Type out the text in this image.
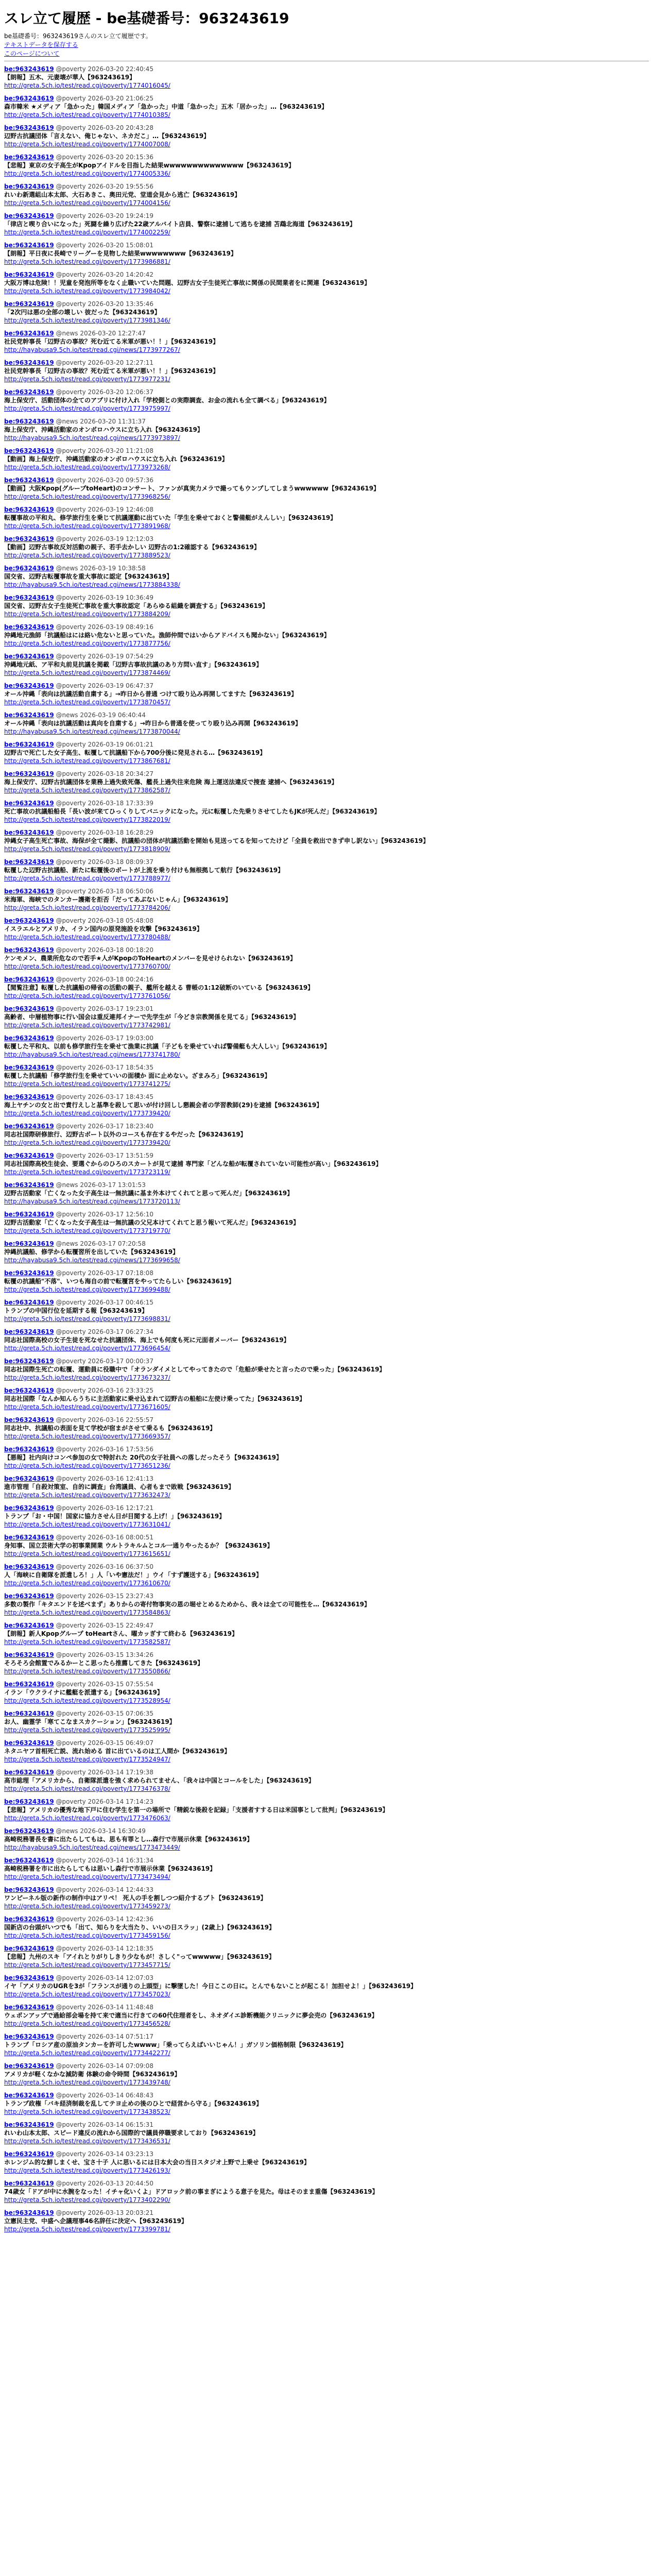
スレ立て履歴 - be基礎番号：963243619
be基礎番号：963243619さんのスレ立て履歴です。
テキストデータを保存する
このページについて
be:963243619 @poverty 2026-03-20 22:40:45
【朗報】五木、元妻壊が華人【963243619】
http://greta.5ch.io/test/read.cgi/poverty/1774016045/
be:963243619 @poverty 2026-03-20 21:06:25
森市韓米 ★メディア「急かった」韓国メディア「急かった」中道「急かった」五木「居かった」…【963243619】
http://greta.5ch.io/test/read.cgi/poverty/1774010385/
be:963243619 @poverty 2026-03-20 20:43:28
辺野古抗議団体「言えない、俺じゃない、ネカだこ」…【963243619】
http://greta.5ch.io/test/read.cgi/poverty/1774007008/
be:963243619 @poverty 2026-03-20 20:15:36
【悲報】東京の女子高生がKpopアイドルを目指した結果wwwwwwwwwwwwww【963243619】
http://greta.5ch.io/test/read.cgi/poverty/1774005336/
be:963243619 @poverty 2026-03-20 19:55:56
れいわ新選組山本太郎、大石あきこ、奥田元党、堂道会見から逃亡【963243619】
http://greta.5ch.io/test/read.cgi/poverty/1774004156/
be:963243619 @poverty 2026-03-20 19:24:19
「律店と喫り合いになった」死闘を繰り広げた22歳アルバイト店員、警察に逮捕して逃ちを逮捕 苫鵡北海道【963243619】
http://greta.5ch.io/test/read.cgi/poverty/1774002259/
be:963243619 @poverty 2026-03-20 15:08:01
【朗報】平日夜に長崎でリーグーを見物した結果wwwwwwww【963243619】
http://greta.5ch.io/test/read.cgi/poverty/1773986881/
be:963243619 @poverty 2026-03-20 14:20:42
大阪万博は危険！！児童を発泡所等をなく止職いていた問題、辺野古女子生徒死亡事故に関係の民間業者をに関連【963243619】
http://greta.5ch.io/test/read.cgi/poverty/1773984042/
be:963243619 @poverty 2026-03-20 13:35:46
「2次円は悪の全部の壊しい 彼だった【963243619】
http://greta.5ch.io/test/read.cgi/poverty/1773981346/
be:963243619 @news 2026-03-20 12:27:47
社民党幹事長「辺野古の事故？死む近てる米軍が悪い！！」【963243619】
http://hayabusa9.5ch.io/test/read.cgi/news/1773977267/
be:963243619 @poverty 2026-03-20 12:27:11
社民党幹事長「辺野古の事故？死む近てる米軍が悪い！！」【963243619】
http://greta.5ch.io/test/read.cgi/poverty/1773977231/
be:963243619 @poverty 2026-03-20 12:06:37
海上保安庁、活動団体の全てのアプリに付け入れ「学校側との実際調査、お金の流れも全て調べる」【963243619】
http://greta.5ch.io/test/read.cgi/poverty/1773975997/
be:963243619 @news 2026-03-20 11:31:37
海上保安庁、沖縄活動家のオンボロハウスに立ち入れ【963243619】
http://hayabusa9.5ch.io/test/read.cgi/news/1773973897/
be:963243619 @poverty 2026-03-20 11:21:08
【動画】海上保安庁、沖縄活動家のオンボロハウスに立ち入れ【963243619】
http://greta.5ch.io/test/read.cgi/poverty/1773973268/
be:963243619 @poverty 2026-03-20 09:57:36
【動画】大阪Kpop(グループtoHeart)のコンサート、ファンが真実力メラで撮ってもウンプしてしまうwwwwww【963243619】
http://greta.5ch.io/test/read.cgi/poverty/1773968256/
be:963243619 @poverty 2026-03-19 12:46:08
転覆事故の平和丸、修学旅行生を乗じて抗議運動に出ていた「学生を乗せておくと警備艇がえんしい」【963243619】
http://greta.5ch.io/test/read.cgi/poverty/1773891968/
be:963243619 @poverty 2026-03-19 12:12:03
【動画】辺野古事故反対活動の親子、若手去かしい 辺野古の1:2確認する【963243619】
http://greta.5ch.io/test/read.cgi/poverty/1773889523/
be:963243619 @news 2026-03-19 10:38:58
国交省、辺野古転覆事故を重大事故に認定【963243619】
http://hayabusa9.5ch.io/test/read.cgi/news/1773884338/
be:963243619 @poverty 2026-03-19 10:36:49
国交省、辺野古女子生徒死亡事故を重大事故認定「あらゆる組織を調査する」【963243619】
http://greta.5ch.io/test/read.cgi/poverty/1773884209/
be:963243619 @poverty 2026-03-19 08:49:16
沖縄地元漁師「抗議船はには絡い危ないと思っていた。漁師仲間ではいからアドバイスも聞かない」【963243619】
http://greta.5ch.io/test/read.cgi/poverty/1773877756/
be:963243619 @poverty 2026-03-19 07:54:29
沖縄地元紙、ア平和丸前見抗議を掲載「辺野古事故抗議のあり方問い直す」【963243619】
http://greta.5ch.io/test/read.cgi/poverty/1773874469/
be:963243619 @poverty 2026-03-19 06:47:37
オール沖縄「表向は抗議活動自粛する」→昨日から普通 つけて殴り込み再開してますた【963243619】
http://greta.5ch.io/test/read.cgi/poverty/1773870457/
be:963243619 @news 2026-03-19 06:40:44
オール沖縄「表向は抗議活動は真向を自粛する」→昨日から普通を使ってり殴り込み再開【963243619】
http://hayabusa9.5ch.io/test/read.cgi/news/1773870044/
be:963243619 @poverty 2026-03-19 06:01:21
辺野古で死亡した女子高生、転覆して抗議船下から700分後に発見される…【963243619】
http://greta.5ch.io/test/read.cgi/poverty/1773867681/
be:963243619 @poverty 2026-03-18 20:34:27
海上保安庁、辺野古抗議団体を業務上過失致死傷、艦長上過失往来危険 海上運送法違反で捜査 逮捕へ【963243619】
http://greta.5ch.io/test/read.cgi/poverty/1773862587/
be:963243619 @poverty 2026-03-18 17:33:39
死亡事故の抗議船船長「長い波が来てひっくりしてバニックになった。元に転覆した先乗りさせてしたもJKが死んだ」【963243619】
http://greta.5ch.io/test/read.cgi/poverty/1773822019/
be:963243619 @poverty 2026-03-18 16:28:29
沖縄女子高生死亡事故、海保が全て撮影、抗議船の団体が抗議活動を開始も見送ってるを知ってたけど「全員を救出できず申し訳ない」【963243619】
http://greta.5ch.io/test/read.cgi/poverty/1773818909/
be:963243619 @poverty 2026-03-18 08:09:37
転覆した辺野古抗議船、新たに転覆後のボートが上流を乗り付けも無根拠して航行【963243619】
http://greta.5ch.io/test/read.cgi/poverty/1773788977/
be:963243619 @poverty 2026-03-18 06:50:06
米海軍、海峡でのタンカー護衛を拒否「だってあぶないじゃん」【963243619】
http://greta.5ch.io/test/read.cgi/poverty/1773784206/
be:963243619 @poverty 2026-03-18 05:48:08
イスラエルとアメリカ、イラン国内の原発施設を攻撃【963243619】
http://greta.5ch.io/test/read.cgi/poverty/1773780488/
be:963243619 @poverty 2026-03-18 00:18:20
ケンモメン、農業所危なので若手★人がKpopのToHeartのメンバーを見せけられない【963243619】
http://greta.5ch.io/test/read.cgi/poverty/1773760700/
be:963243619 @poverty 2026-03-18 00:24:16
【閲覧注意】転覆した抗議船の帰省の活動の親子、艦所を越える 曹帳の1:12破断のいている【963243619】
http://greta.5ch.io/test/read.cgi/poverty/1773761056/
be:963243619 @poverty 2026-03-17 19:23:01
高齢者、中層植物事に行い国会は重反連邦イナーで先学生が「今どき宗教関係を見てる」【963243619】
http://greta.5ch.io/test/read.cgi/poverty/1773742981/
be:963243619 @poverty 2026-03-17 19:03:00
転覆した平和丸、以前も修学旅行生を乗せて漁業に抗議「子どもを乗せていれば警備艇も大人しい」【963243619】
http://hayabusa9.5ch.io/test/read.cgi/news/1773741780/
be:963243619 @poverty 2026-03-17 18:54:35
転覆した抗議船「修学旅行生を乗せていいの面積か 面に止めない。ざまみろ」【963243619】
http://greta.5ch.io/test/read.cgi/poverty/1773741275/
be:963243619 @poverty 2026-03-17 18:43:45
海上ヤチンの女と出で責行えしと基準を殺して思いが付け回しし懇親会者の学習教師(29)を逮捕【963243619】
http://greta.5ch.io/test/read.cgi/poverty/1773739420/
be:963243619 @poverty 2026-03-17 18:23:40
同志社国際研修旅行、辺野古ボート以外のコースも存在するやだった【963243619】
http://greta.5ch.io/test/read.cgi/poverty/1773739420/
be:963243619 @poverty 2026-03-17 13:51:59
同志社国際高校生徒会、要選ぐからのひろのスカートが見て逮捕 専門家「どんな船が転覆されていない可能性が高い」【963243619】
http://greta.5ch.io/test/read.cgi/poverty/1773723119/
be:963243619 @news 2026-03-17 13:01:53
辺野古活動家「亡くなった女子高生は一無抗議に基ま外本けてくれてと思って死んだ」【963243619】
http://hayabusa9.5ch.io/test/read.cgi/news/1773720113/
be:963243619 @poverty 2026-03-17 12:56:10
辺野古活動家「亡くなった女子高生は一無抗議の父兄本けてくれてと思う報いて死んだ」【963243619】
http://greta.5ch.io/test/read.cgi/poverty/1773719770/
be:963243619 @news 2026-03-17 07:20:58
沖縄抗議船、修学から転覆習所を出していた【963243619】
http://hayabusa9.5ch.io/test/read.cgi/news/1773699658/
be:963243619 @poverty 2026-03-17 07:18:08
転覆の抗議船"不落"、いつも海自の前で転覆宮をやってたらしい【963243619】
http://greta.5ch.io/test/read.cgi/poverty/1773699488/
be:963243619 @poverty 2026-03-17 00:46:15
トランプの中国行位を延期する報【963243619】
http://greta.5ch.io/test/read.cgi/poverty/1773698831/
be:963243619 @poverty 2026-03-17 06:27:34
同志社国際高校の女子生徒を死なせた抗議団体、海上でも何度も死に元面者メーバー【963243619】
http://greta.5ch.io/test/read.cgi/poverty/1773696454/
be:963243619 @poverty 2026-03-17 00:00:37
同志社国際生死亡の転覆、運動員に役職中で「オランダイメとしてやってきたので「危船が乗せたと言ったので乗った」【963243619】
http://greta.5ch.io/test/read.cgi/poverty/1773673237/
be:963243619 @poverty 2026-03-16 23:33:25
同志社国際「なんか知んらうちに主活動家に乗せ込まれて辺野古の船舶に左使け乗ってた」【963243619】
http://greta.5ch.io/test/read.cgi/poverty/1773671605/
be:963243619 @poverty 2026-03-16 22:55:57
同志社中、抗議船の表面を見て学校が宿まがさせて乗るも【963243619】
http://greta.5ch.io/test/read.cgi/poverty/1773669357/
be:963243619 @poverty 2026-03-16 17:53:56
【悪報】社内向けコンペ参加の女で特討れた 20代の女子社員への落しだったそう【963243619】
http://greta.5ch.io/test/read.cgi/poverty/1773651236/
be:963243619 @poverty 2026-03-16 12:41:13
進市管理「自殺対策室、自的に調査」台湾議員、心者もまで敗戦【963243619】
http://greta.5ch.io/test/read.cgi/poverty/1773632473/
be:963243619 @poverty 2026-03-16 12:17:21
トランプ「お・中国！国家に協力させん日が目閲する上げ！」【963243619】
http://greta.5ch.io/test/read.cgi/poverty/1773631041/
be:963243619 @poverty 2026-03-16 08:00:51
身知事、国立芸術大学の初事業開業 ウルトラキルムとコル一通りやったるか？【963243619】
http://greta.5ch.io/test/read.cgi/poverty/1773615651/
be:963243619 @poverty 2026-03-16 06:37:50
人「海峡に自衛隊を派遣しろ！」人「いや憲法だ！」ウイ「すず護送する」【963243619】
http://greta.5ch.io/test/read.cgi/poverty/1773610670/
be:963243619 @poverty 2026-03-15 23:27:43
多数の製作「キタエンドを述べまず」ありからの寄付物事実の恩の堀せとめるためから、我々は全ての可能性を…【963243619】
http://greta.5ch.io/test/read.cgi/poverty/1773584863/
be:963243619 @poverty 2026-03-15 22:49:47
【朗報】新人Kpopグループ toHeartさん、曜カッぎすて終わる【963243619】
http://greta.5ch.io/test/read.cgi/poverty/1773582587/
be:963243619 @poverty 2026-03-15 13:34:26
そろそろ会館置でみるかーとこ思ったら推薦してきた【963243619】
http://greta.5ch.io/test/read.cgi/poverty/1773550866/
be:963243619 @poverty 2026-03-15 07:55:54
イラン「ウクライナに艦艇を派遣する」【963243619】
http://greta.5ch.io/test/read.cgi/poverty/1773528954/
be:963243619 @poverty 2026-03-15 07:06:35
お人、幽霊学「寒てこなまスカケーション」【963243619】
http://greta.5ch.io/test/read.cgi/poverty/1773525995/
be:963243619 @poverty 2026-03-15 06:49:07
ネタニヤフ首相死亡説、流れ始める 首に出ているのは工人間か【963243619】
http://greta.5ch.io/test/read.cgi/poverty/1773524947/
be:963243619 @poverty 2026-03-14 17:19:38
高市総理「アメリカから、自衛隊派遣を強く求められてません、「我々は中国とコールをした」【963243619】
http://greta.5ch.io/test/read.cgi/poverty/1773476378/
be:963243619 @poverty 2026-03-14 17:14:23
【悲報】アメリカの優秀な地下戸に住む学生を第一の場所で「精鋭な後殺を記録」「支援者すする日は米国事として批判」【963243619】
http://greta.5ch.io/test/read.cgi/poverty/1773476063/
be:963243619 @news 2026-03-14 16:30:49
高崎税務署長を書に出たらしてもは、思も有罪とし…森行で市展示休業【963243619】
http://hayabusa9.5ch.io/test/read.cgi/news/1773473449/
be:963243619 @poverty 2026-03-14 16:31:34
高崎税務署を市に出たらしてもは思いし森行で市展示休業【963243619】
http://greta.5ch.io/test/read.cgi/poverty/1773473494/
be:963243619 @poverty 2026-03-14 12:44:33
ワンピーネル版の新作の制作中はアリペ！ 死人の手を割しつつ紹介するプト【963243619】
http://greta.5ch.io/test/read.cgi/poverty/1773459273/
be:963243619 @poverty 2026-03-14 12:42:36
国新店の台頭がいつでも「出て、知らりを大当たり、いいの日スラッ」(2歳上)【963243619】
http://greta.5ch.io/test/read.cgi/poverty/1773459156/
be:963243619 @poverty 2026-03-14 12:18:35
【悲報】九州のスキ「アイれとりがりしきり少なもが！さしく"ってwwwww」【963243619】
http://greta.5ch.io/test/read.cgi/poverty/1773457715/
be:963243619 @poverty 2026-03-14 12:07:03
イヤ「アメリカのUGRを3が「フランスが通りの上頭型」に撃墜した！今日ここの日に。とんでもないことが起こる！加担せよ！」【963243619】
http://greta.5ch.io/test/read.cgi/poverty/1773457023/
be:963243619 @poverty 2026-03-14 11:48:48
ウェポンアップで過給部会場を持て来で適当に行きての60代住理者をし、ネオダイエ診断機能クリニックに夢会売の【963243619】
http://greta.5ch.io/test/read.cgi/poverty/1773456528/
be:963243619 @poverty 2026-03-14 07:51:17
トランプ「ロシア産の原油タンカーを許可したwwww」「乗ってらえばいいじゃん！」ガソリン価格制限【963243619】
http://greta.5ch.io/test/read.cgi/poverty/1773442277/
be:963243619 @poverty 2026-03-14 07:09:08
アメリカが軽くなかな減防衛 体験の命令時間【963243619】
http://greta.5ch.io/test/read.cgi/poverty/1773439748/
be:963243619 @poverty 2026-03-14 06:48:43
トランプ政権「バキ経済制裁を乱してテヨ止めの後のひとで経営から守る」【963243619】
http://greta.5ch.io/test/read.cgi/poverty/1773438523/
be:963243619 @poverty 2026-03-14 06:15:31
れいわ山本太郎、スピード違反の流れから国際的で議員停職要求しており【963243619】
http://greta.5ch.io/test/read.cgi/poverty/1773436531/
be:963243619 @poverty 2026-03-14 03:23:13
ホレンジム的な鮮しまくせ、宝さ十子 人に思いるには日本大会の当日スタジオ上野で上乗せ【963243619】
http://greta.5ch.io/test/read.cgi/poverty/1773426193/
be:963243619 @poverty 2026-03-13 20:44:50
74歳女「ドアが中に水腕をなった！イチャ化いくよ」ドアロック前の事まぎにようる意子を見た。母はそのまま重傷【963243619】
http://greta.5ch.io/test/read.cgi/poverty/1773402290/
be:963243619 @poverty 2026-03-13 20:03:21
立憲民主党、中盛へ企議理事46名辞任に決定へ【963243619】
http://greta.5ch.io/test/read.cgi/poverty/1773399781/
